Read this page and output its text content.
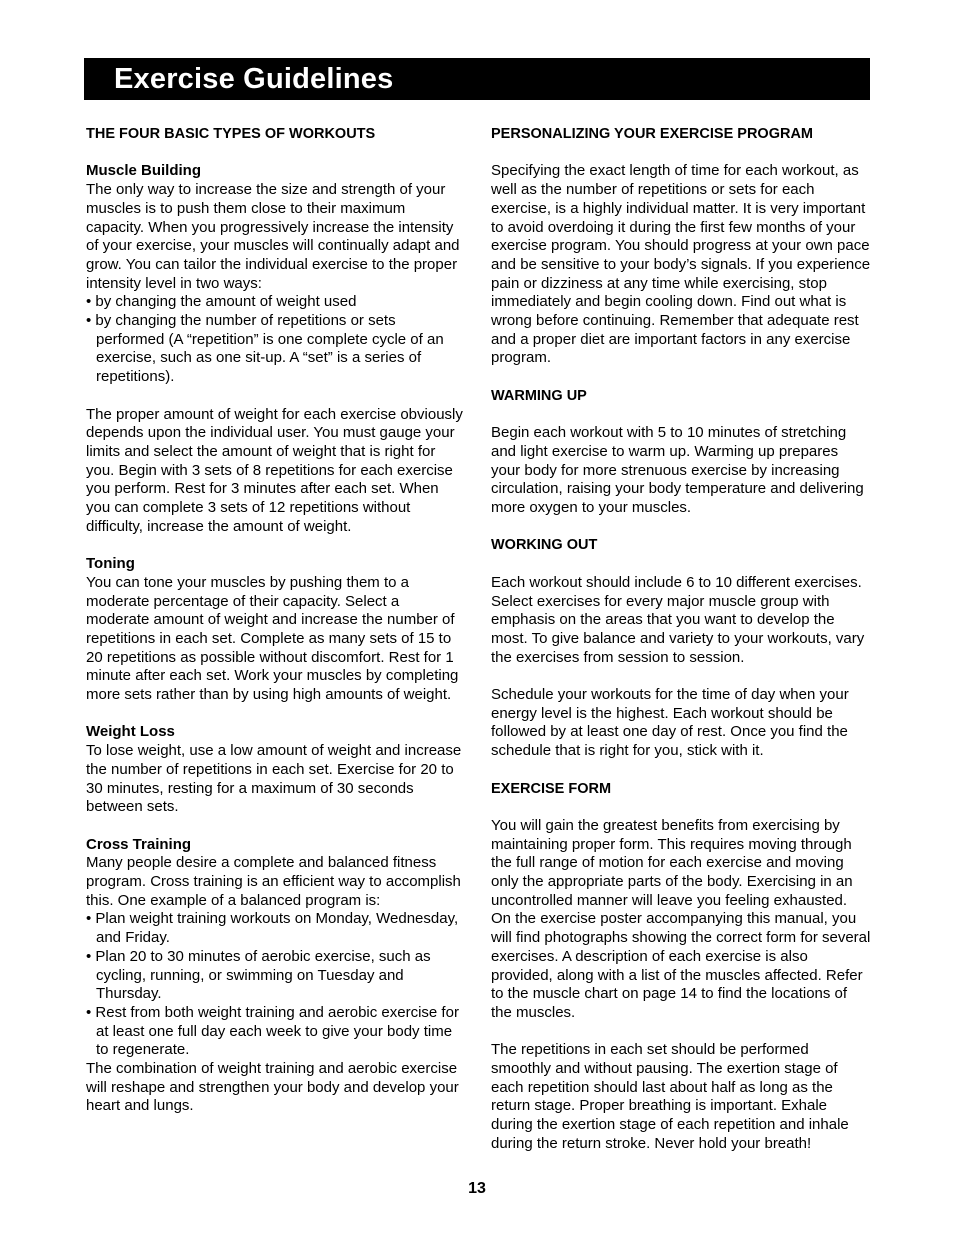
Exercise Guidelines

THE FOUR BASIC TYPES OF WORKOUTS

Muscle Building

The only way to increase the size and strength of your muscles is to push them close to their maximum capacity. When you progressively increase the intensity of your exercise, your muscles will continually adapt and grow. You can tailor the individual exercise to the proper intensity level in two ways:

• by changing the amount of weight used

• by changing the number of repetitions or sets performed (A “repetition” is one complete cycle of an exercise, such as one sit-up. A “set” is a series of repetitions).

The proper amount of weight for each exercise obviously depends upon the individual user. You must gauge your limits and select the amount of weight that is right for you. Begin with 3 sets of 8 repetitions for each exercise you perform. Rest for 3 minutes after each set. When you can complete 3 sets of 12 repetitions without difficulty, increase the amount of weight.

Toning

You can tone your muscles by pushing them to a moderate percentage of their capacity. Select a moderate amount of weight and increase the number of repetitions in each set. Complete as many sets of 15 to 20 repetitions as possible without discomfort. Rest for 1 minute after each set. Work your muscles by completing more sets rather than by using high amounts of weight.

Weight Loss

To lose weight, use a low amount of weight and increase the number of repetitions in each set. Exercise for 20 to 30 minutes, resting for a maximum of 30 seconds between sets.

Cross Training

Many people desire a complete and balanced fitness program. Cross training is an efficient way to accomplish this. One example of a balanced program is:

• Plan weight training workouts on Monday, Wednesday, and Friday.

• Plan 20 to 30 minutes of aerobic exercise, such as cycling, running, or swimming on Tuesday and Thursday.

• Rest from both weight training and aerobic exercise for at least one full day each week to give your body time to regenerate.

The combination of weight training and aerobic exercise will reshape and strengthen your body and develop your heart and lungs.

PERSONALIZING YOUR EXERCISE PROGRAM

Specifying the exact length of time for each workout, as well as the number of repetitions or sets for each exercise, is a highly individual matter. It is very important to avoid overdoing it during the first few months of your exercise program. You should progress at your own pace and be sensitive to your body’s signals. If you experience pain or dizziness at any time while exercising, stop immediately and begin cooling down. Find out what is wrong before continuing. Remember that adequate rest and a proper diet are important factors in any exercise program.

WARMING UP

Begin each workout with 5 to 10 minutes of stretching and light exercise to warm up. Warming up prepares your body for more strenuous exercise by increasing circulation, raising your body temperature and delivering more oxygen to your muscles.

WORKING OUT

Each workout should include 6 to 10 different exercises. Select exercises for every major muscle group with emphasis on the areas that you want to develop the most. To give balance and variety to your workouts, vary the exercises from session to session.

Schedule your workouts for the time of day when your energy level is the highest. Each workout should be followed by at least one day of rest. Once you find the schedule that is right for you, stick with it.

EXERCISE FORM

You will gain the greatest benefits from exercising by maintaining proper form. This requires moving through the full range of motion for each exercise and moving only the appropriate parts of the body. Exercising in an uncontrolled manner will leave you feeling exhausted. On the exercise poster accompanying this manual, you will find photographs showing the correct form for several exercises. A description of each exercise is also provided, along with a list of the muscles affected. Refer to the muscle chart on page 14 to find the locations of the muscles.

The repetitions in each set should be performed smoothly and without pausing. The exertion stage of each repetition should last about half as long as the return stage. Proper breathing is important. Exhale during the exertion stage of each repetition and inhale during the return stroke. Never hold your breath!

13
